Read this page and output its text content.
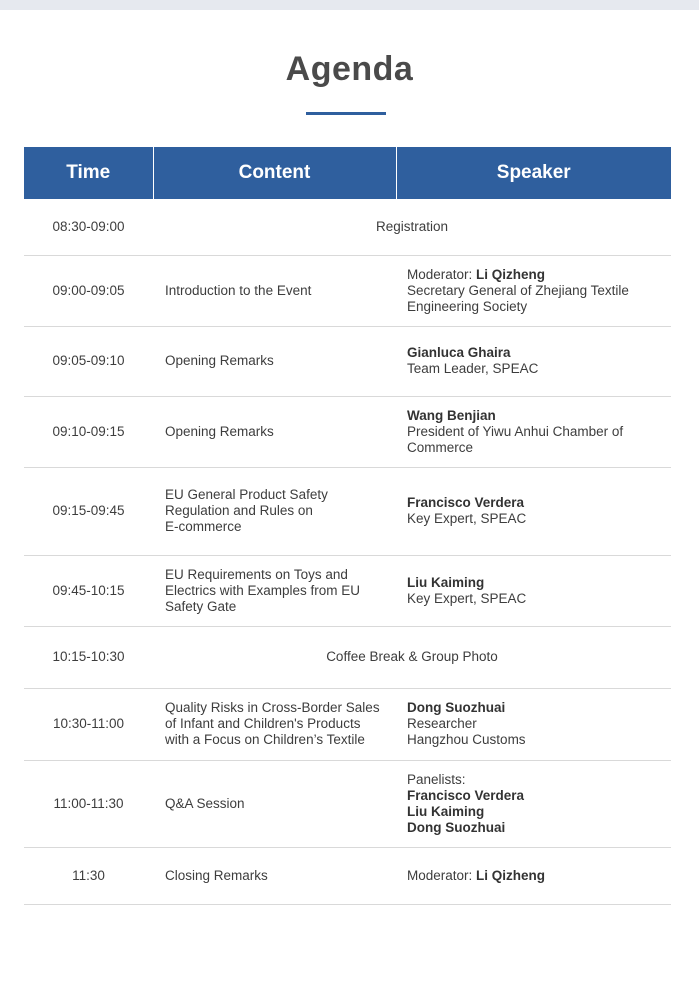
Agenda
Time	Content	Speaker
08:30-09:00	Registration	
09:00-09:05	Introduction to the Event	Moderator: Li Qizheng
Secretary General of Zhejiang Textile
Engineering Society

09:05-09:10	Opening Remarks	Gianluca Ghaira
Team Leader, SPEAC

09:10-09:15	Opening Remarks	Wang Benjian
President of Yiwu Anhui Chamber of
Commerce

09:15-09:45	EU General Product Safety
Regulation and Rules on
E-commerce	Francisco Verdera
Key Expert, SPEAC

09:45-10:15	EU Requirements on Toys and
Electrics with Examples from EU
Safety Gate	Liu Kaiming
Key Expert, SPEAC

10:15-10:30	Coffee Break & Group Photo	
10:30-11:00	Quality Risks in Cross-Border Sales
of Infant and Children's Products
with a Focus on Children’s Textile	Dong Suozhuai
Researcher
Hangzhou Customs

11:00-11:30	Q&A Session	Panelists:
Francisco Verdera
Liu Kaiming
Dong Suozhuai

11:30	Closing Remarks	Moderator: Li Qizheng
